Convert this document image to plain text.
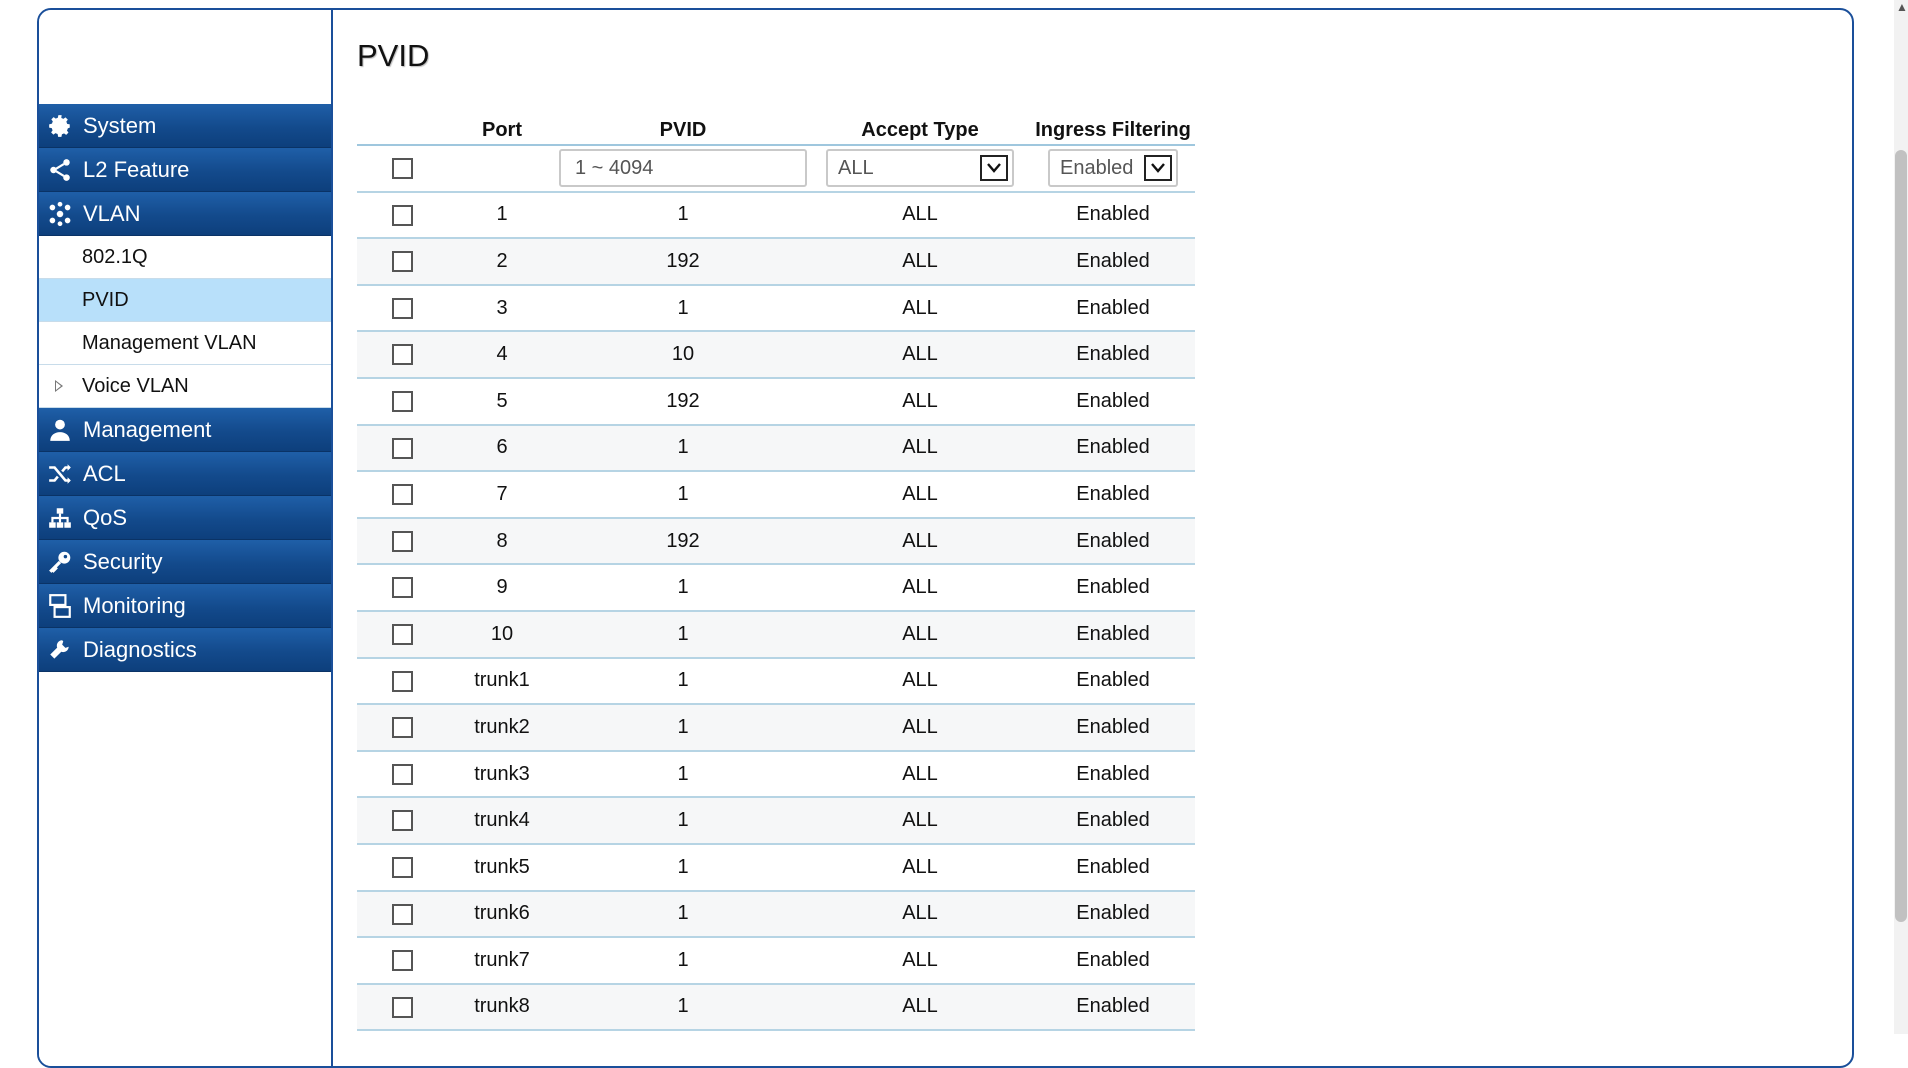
System
L2 Feature
VLAN
802.1Q
PVID
Management VLAN
Voice VLAN
Management
ACL
QoS
Security
Monitoring
Diagnostics
PVID
	Port	PVID	Accept Type	Ingress Filtering
		1 ~ 4094	ALL	Enabled

	1	1	ALL	Enabled
	2	192	ALL	Enabled
	3	1	ALL	Enabled
	4	10	ALL	Enabled
	5	192	ALL	Enabled
	6	1	ALL	Enabled
	7	1	ALL	Enabled
	8	192	ALL	Enabled
	9	1	ALL	Enabled
	10	1	ALL	Enabled
	trunk1	1	ALL	Enabled
	trunk2	1	ALL	Enabled
	trunk3	1	ALL	Enabled
	trunk4	1	ALL	Enabled
	trunk5	1	ALL	Enabled
	trunk6	1	ALL	Enabled
	trunk7	1	ALL	Enabled
	trunk8	1	ALL	Enabled
▲
